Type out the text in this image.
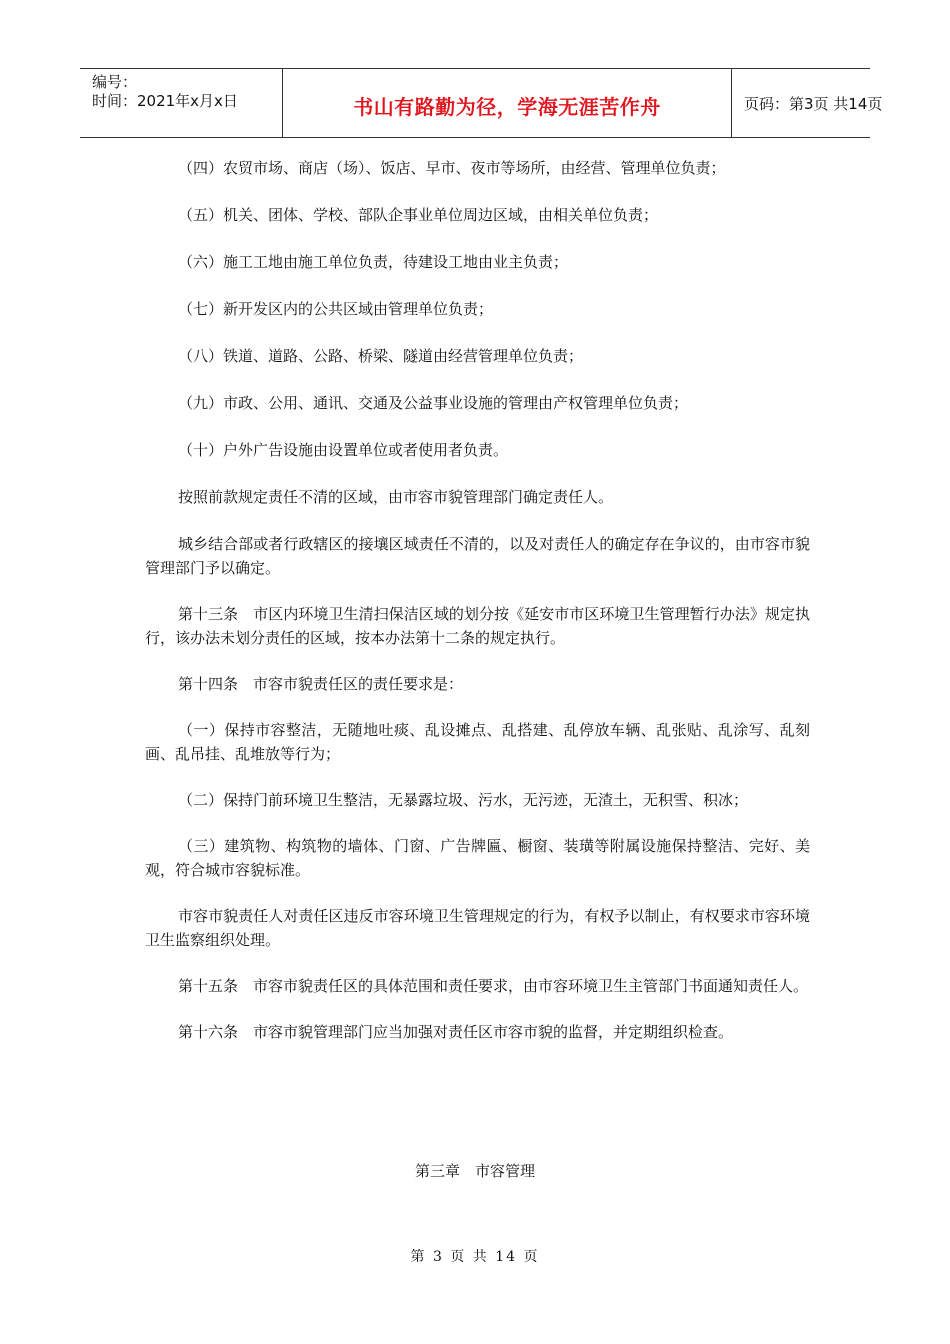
编号：
时间：2021年x月x日	书山有路勤为径，学海无涯苦作舟	页码：第3页 共14页

（四）农贸市场、商店（场）、饭店、早市、夜市等场所，由经营、管理单位负责；

（五）机关、团体、学校、部队企事业单位周边区域，由相关单位负责；

（六）施工工地由施工单位负责，待建设工地由业主负责；

（七）新开发区内的公共区域由管理单位负责；

（八）铁道、道路、公路、桥梁、隧道由经营管理单位负责；

（九）市政、公用、通讯、交通及公益事业设施的管理由产权管理单位负责；

（十）户外广告设施由设置单位或者使用者负责。

按照前款规定责任不清的区域，由市容市貌管理部门确定责任人。

城乡结合部或者行政辖区的接壤区域责任不清的，以及对责任人的确定存在争议的，由市容市貌管理部门予以确定。

第十三条　市区内环境卫生清扫保洁区域的划分按《延安市市区环境卫生管理暂行办法》规定执行，该办法未划分责任的区域，按本办法第十二条的规定执行。

第十四条　市容市貌责任区的责任要求是：

（一）保持市容整洁，无随地吐痰、乱设摊点、乱搭建、乱停放车辆、乱张贴、乱涂写、乱刻画、乱吊挂、乱堆放等行为；

（二）保持门前环境卫生整洁，无暴露垃圾、污水，无污迹，无渣土，无积雪、积冰；

（三）建筑物、构筑物的墙体、门窗、广告牌匾、橱窗、装璜等附属设施保持整洁、完好、美观，符合城市容貌标准。

市容市貌责任人对责任区违反市容环境卫生管理规定的行为，有权予以制止，有权要求市容环境卫生监察组织处理。

第十五条　市容市貌责任区的具体范围和责任要求，由市容环境卫生主管部门书面通知责任人。

第十六条　市容市貌管理部门应当加强对责任区市容市貌的监督，并定期组织检查。

第三章　市容管理
第 3 页 共 14 页
